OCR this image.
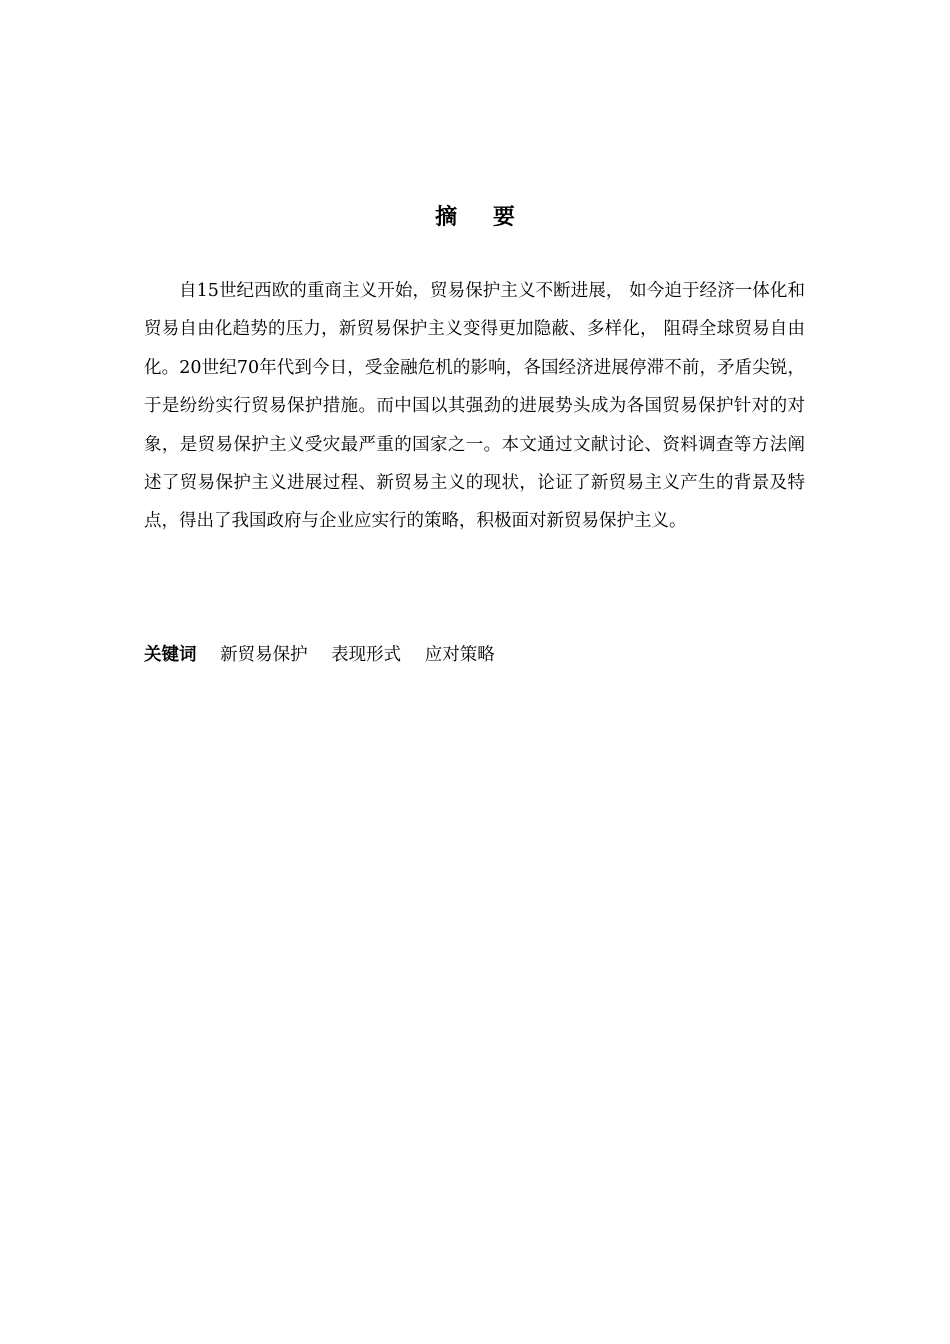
摘 要

自15世纪西欧的重商主义开始，贸易保护主义不断进展， 如今迫于经济一体化和贸易自由化趋势的压力，新贸易保护主义变得更加隐蔽、多样化， 阻碍全球贸易自由化。20世纪70年代到今日，受金融危机的影响，各国经济进展停滞不前，矛盾尖锐，于是纷纷实行贸易保护措施。而中国以其强劲的进展势头成为各国贸易保护针对的对象，是贸易保护主义受灾最严重的国家之一。本文通过文献讨论、资料调查等方法阐述了贸易保护主义进展过程、新贸易主义的现状，论证了新贸易主义产生的背景及特点，得出了我国政府与企业应实行的策略，积极面对新贸易保护主义。

关键词 新贸易保护 表现形式 应对策略
